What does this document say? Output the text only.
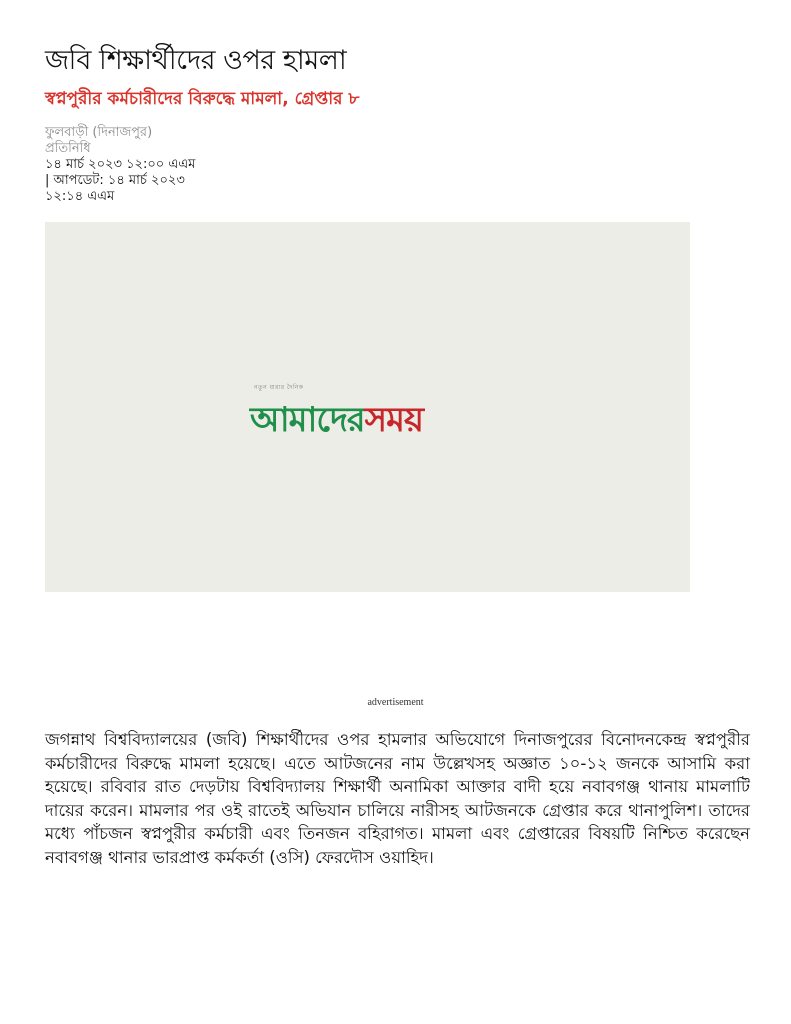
জবি শিক্ষার্থীদের ওপর হামলা
স্বপ্নপুরীর কর্মচারীদের বিরুদ্ধে মামলা, গ্রেপ্তার ৮
ফুলবাড়ী (দিনাজপুর)
প্রতিনিধি
১৪ মার্চ ২০২৩ ১২:০০ এএম
| আপডেট: ১৪ মার্চ ২০২৩
১২:১৪ এএম
নতুন ধারার দৈনিক
আমাদেরসময়
advertisement

জগন্নাথ বিশ্ববিদ্যালয়ের (জবি) শিক্ষার্থীদের ওপর হামলার অভিযোগে দিনাজপুরের বিনোদনকেন্দ্র স্বপ্নপুরীর কর্মচারীদের বিরুদ্ধে মামলা হয়েছে। এতে আটজনের নাম উল্লেখসহ অজ্ঞাত ১০-১২ জনকে আসামি করা হয়েছে। রবিবার রাত দেড়টায় বিশ্ববিদ্যালয় শিক্ষার্থী অনামিকা আক্তার বাদী হয়ে নবাবগঞ্জ থানায় মামলাটি দায়ের করেন। মামলার পর ওই রাতেই অভিযান চালিয়ে নারীসহ আটজনকে গ্রেপ্তার করে থানাপুলিশ। তাদের মধ্যে পাঁচজন স্বপ্নপুরীর কর্মচারী এবং তিনজন বহিরাগত। মামলা এবং গ্রেপ্তারের বিষয়টি নিশ্চিত করেছেন নবাবগঞ্জ থানার ভারপ্রাপ্ত কর্মকর্তা (ওসি) ফেরদৌস ওয়াহিদ।
